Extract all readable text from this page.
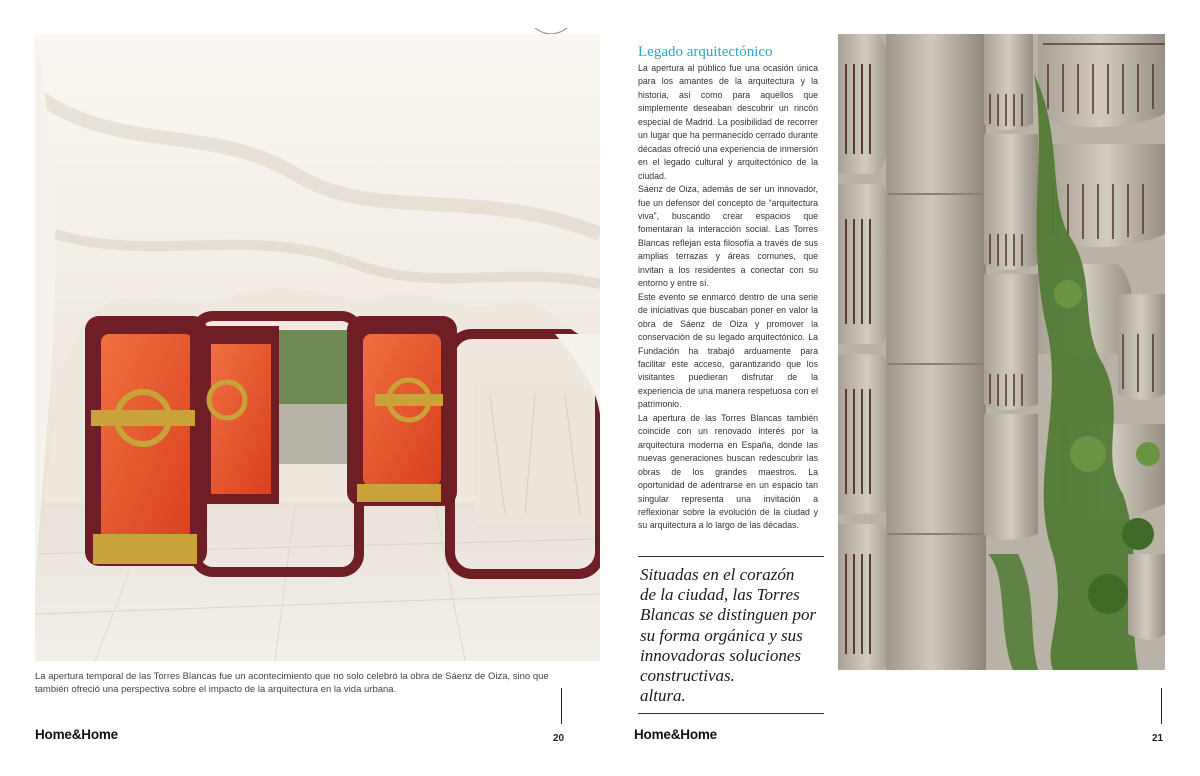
La apertura temporal de las Torres Blancas fue un acontecimiento que no solo celebró la obra de Sáenz de Oiza, sino que también ofreció una perspectiva sobre el impacto de la arquitectura en la vida urbana.
Home&Home	20
Legado arquitectónico

La apertura al público fue una ocasión única para los amantes de la arquitectura y la historia, así como para aquellos que simplemente deseaban descubrir un rincón especial de Madrid. La posibilidad de recorrer un lugar que ha permanecido cerrado durante décadas ofreció una experiencia de inmersión en el legado cultural y arquitectónico de la ciudad.

Sáenz de Oiza, además de ser un innovador, fue un defensor del concepto de “arquitectura viva”, buscando crear espacios que fomentaran la interacción social. Las Torres Blancas reflejan esta filosofía a través de sus amplias terrazas y áreas comunes, que invitan a los residentes a conectar con su entorno y entre sí.

Este evento se enmarcó dentro de una serie de iniciativas que buscaban poner en valor la obra de Sáenz de Oiza y promover la conservación de su legado arquitectónico. La Fundación ha trabajó arduamente para facilitar este acceso, garantizando que los visitantes puedieran disfrutar de la experiencia de una manera respetuosa con el patrimonio.

La apertura de las Torres Blancas también coincide con un renovado interés por la arquitectura moderna en España, donde las nuevas generaciones buscan redescubrir las obras de los grandes maestros. La oportunidad de adentrarse en un espacio tan singular representa una invitación a reflexionar sobre la evolución de la ciudad y su arquitectura a lo largo de las décadas.

Situadas en el corazón
de la ciudad, las Torres
Blancas se distinguen por
su forma orgánica y sus
innovadoras soluciones
constructivas.
altura.
Home&Home	21
